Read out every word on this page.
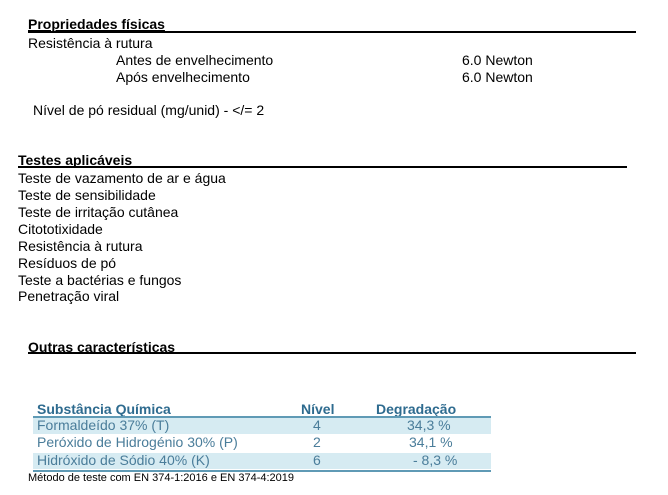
Propriedades físicas
Resistência à rutura
Antes de envelhecimento	6.0 Newton
Após envelhecimento	6.0 Newton
Nível de pó residual (mg/unid) - </= 2
Testes aplicáveis
Teste de vazamento de ar e água
Teste de sensibilidade
Teste de irritação cutânea
Citototixidade
Resistência à rutura
Resíduos de pó
Teste a bactérias e fungos
Penetração viral
Outras características
Substância Química	Nível	Degradação
Formaldeído 37% (T)	4	34,3 %
Peróxido de Hidrogénio 30% (P)	2	34,1 %
Hidróxido de Sódio 40% (K)	6	- 8,3 %
Método de teste com EN 374-1:2016 e EN 374-4:2019
